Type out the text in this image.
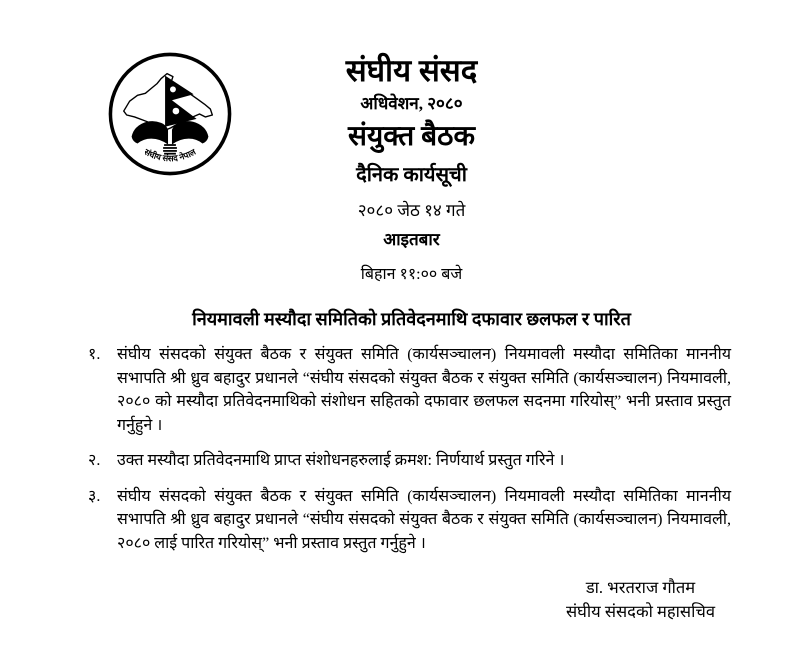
संघीय संसद नेपाल
संघीय संसद
अधिवेशन, २०८०
संयुक्त बैठक
दैनिक कार्यसूची
२०८० जेठ १४ गते
आइतबार
बिहान ११:०० बजे
नियमावली मस्यौदा समितिको प्रतिवेदनमाथि दफावार छलफल र पारित
१.	संघीय संसदको संयुक्त बैठक र संयुक्त समिति (कार्यसञ्चालन) नियमावली मस्यौदा समितिका माननीय सभापति श्री ध्रुव बहादुर प्रधानले “संघीय संसदको संयुक्त बैठक र संयुक्त समिति (कार्यसञ्चालन) नियमावली, २०८० को मस्यौदा प्रतिवेदनमाथिको संशोधन सहितको दफावार छलफल सदनमा गरियोस्” भनी प्रस्ताव प्रस्तुत गर्नुहुने ।
२.	उक्त मस्यौदा प्रतिवेदनमाथि प्राप्त संशोधनहरुलाई क्रमश: निर्णयार्थ प्रस्तुत गरिने ।
३.	संघीय संसदको संयुक्त बैठक र संयुक्त समिति (कार्यसञ्चालन) नियमावली मस्यौदा समितिका माननीय सभापति श्री ध्रुव बहादुर प्रधानले “संघीय संसदको संयुक्त बैठक र संयुक्त समिति (कार्यसञ्चालन) नियमावली, २०८० लाई पारित गरियोस्” भनी प्रस्ताव प्रस्तुत गर्नुहुने ।
डा. भरतराज गौतम
संघीय संसदको महासचिव
